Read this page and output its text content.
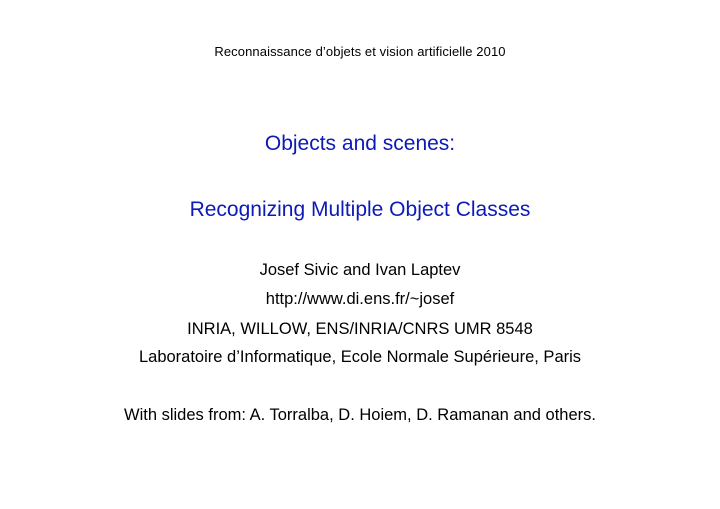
Reconnaissance d’objets et vision artificielle 2010
Objects and scenes:
Recognizing Multiple Object Classes
Josef Sivic and Ivan Laptev
http://www.di.ens.fr/~josef
INRIA, WILLOW, ENS/INRIA/CNRS UMR 8548
Laboratoire d’Informatique, Ecole Normale Supérieure, Paris
With slides from: A. Torralba, D. Hoiem, D. Ramanan and others.
